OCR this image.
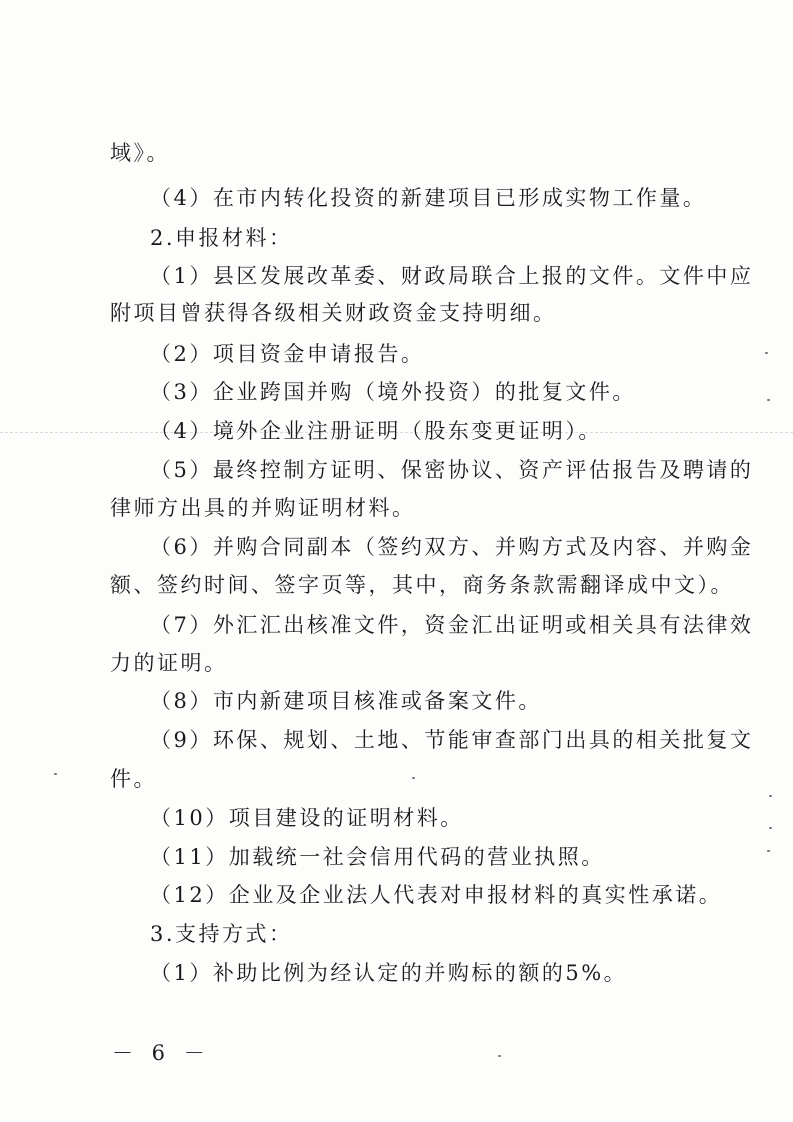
域》。
（4）在市内转化投资的新建项目已形成实物工作量。
2.申报材料：
（1）县区发展改革委、财政局联合上报的文件。文件中应
附项目曾获得各级相关财政资金支持明细。
（2）项目资金申请报告。
（3）企业跨国并购（境外投资）的批复文件。
（4）境外企业注册证明（股东变更证明）。
（5）最终控制方证明、保密协议、资产评估报告及聘请的
律师方出具的并购证明材料。
（6）并购合同副本（签约双方、并购方式及内容、并购金
额、签约时间、签字页等，其中，商务条款需翻译成中文）。
（7）外汇汇出核准文件，资金汇出证明或相关具有法律效
力的证明。
（8）市内新建项目核准或备案文件。
（9）环保、规划、土地、节能审查部门出具的相关批复文
件。
（10）项目建设的证明材料。
（11）加载统一社会信用代码的营业执照。
（12）企业及企业法人代表对申报材料的真实性承诺。
3.支持方式：
（1）补助比例为经认定的并购标的额的5%。
－ 6 －
